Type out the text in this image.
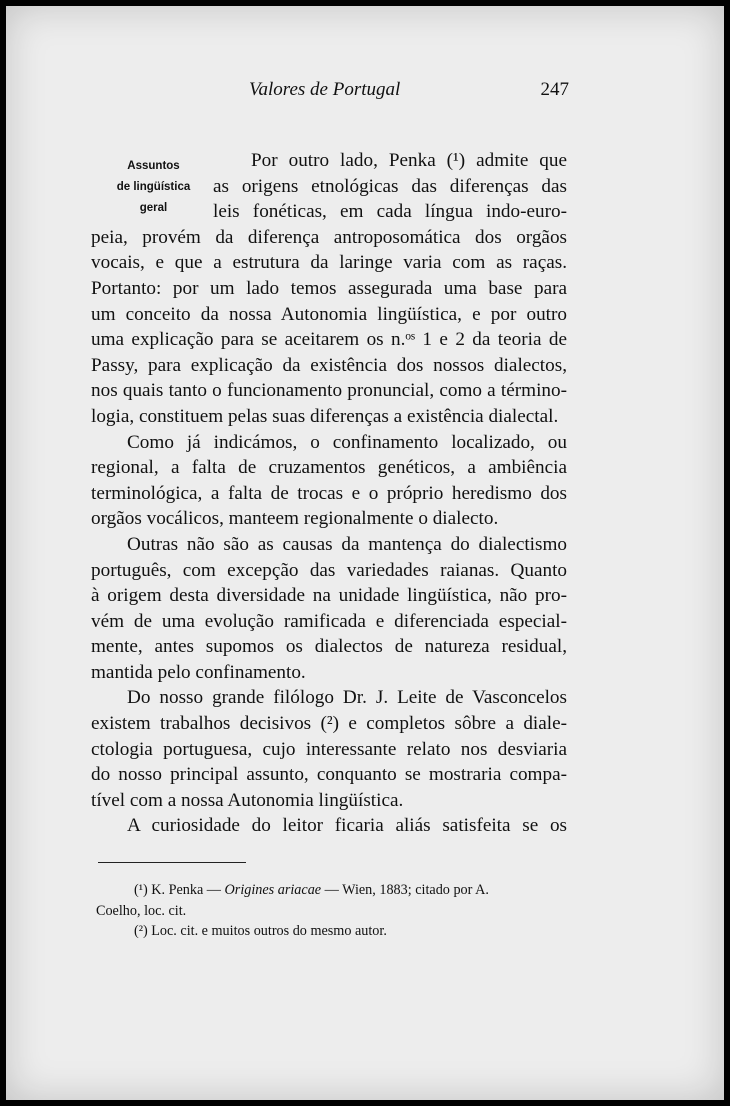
Valores de Portugal	247
Assuntos
de lingüística
geral
Por outro lado, Penka (¹) admite que
as origens etnológicas das diferenças das
leis fonéticas, em cada língua indo-euro-
peia, provém da diferença antroposomática dos orgãos
vocais, e que a estrutura da laringe varia com as raças.
Portanto: por um lado temos assegurada uma base para
um conceito da nossa Autonomia lingüística, e por outro
uma explicação para se aceitarem os n.ᵒˢ 1 e 2 da teoria de
Passy, para explicação da existência dos nossos dialectos,
nos quais tanto o funcionamento pronuncial, como a término-
logia, constituem pelas suas diferenças a existência dialectal.
Como já indicámos, o confinamento localizado, ou
regional, a falta de cruzamentos genéticos, a ambiência
terminológica, a falta de trocas e o próprio heredismo dos
orgãos vocálicos, manteem regionalmente o dialecto.
Outras não são as causas da mantença do dialectismo
português, com excepção das variedades raianas. Quanto
à origem desta diversidade na unidade lingüística, não pro-
vém de uma evolução ramificada e diferenciada especial-
mente, antes supomos os dialectos de natureza residual,
mantida pelo confinamento.
Do nosso grande filólogo Dr. J. Leite de Vasconcelos
existem trabalhos decisivos (²) e completos sôbre a diale-
ctologia portuguesa, cujo interessante relato nos desviaria
do nosso principal assunto, conquanto se mostraria compa-
tível com a nossa Autonomia lingüística.
A curiosidade do leitor ficaria aliás satisfeita se os
(¹) K. Penka — Origines ariacae — Wien, 1883; citado por A.
Coelho, loc. cit.
(²) Loc. cit. e muitos outros do mesmo autor.
